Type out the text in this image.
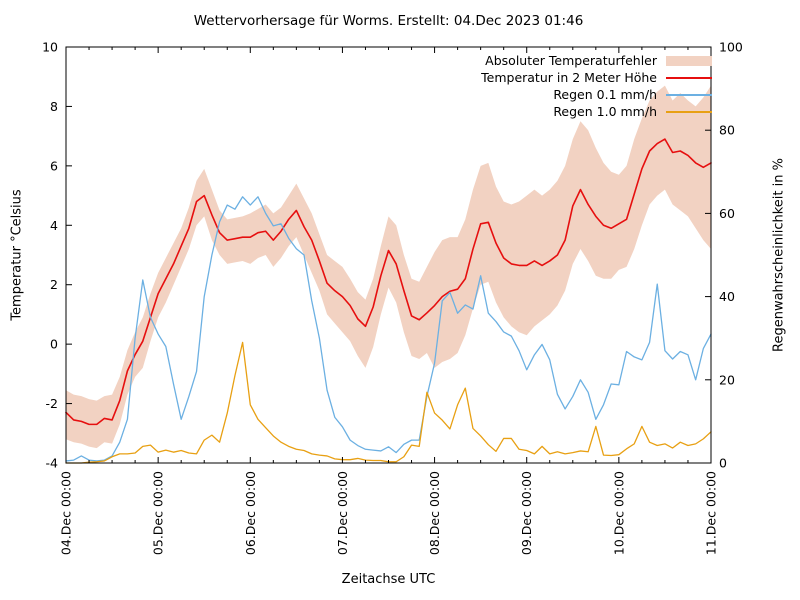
04.Dec 00:00	05.Dec 00:00	06.Dec 00:00	07.Dec 00:00	08.Dec 00:00	09.Dec 00:00	10.Dec 00:00	11.Dec 00:00
-4
-2
0
2
4
6
8
10
0
20
40
60
80
100
Wettervorhersage für Worms. Erstellt: 04.Dec 2023 01:46
Zeitachse UTC
Temperatur °Celsius	Regenwahrscheinlichkeit in %
Absoluter Temperaturfehler
Temperatur in 2 Meter Höhe
Regen 0.1 mm/h
Regen 1.0 mm/h
